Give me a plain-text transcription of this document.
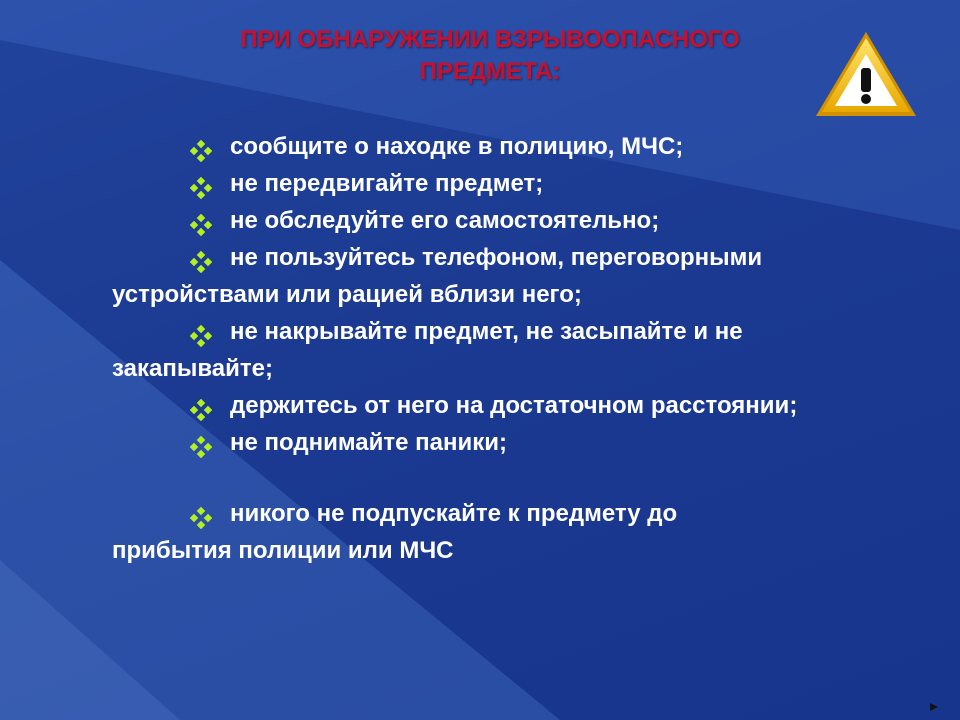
ПРИ ОБНАРУЖЕНИИ ВЗРЫВООПАСНОГО
ПРЕДМЕТА:
сообщите о находке в полицию, МЧС;
не передвигайте предмет;
не обследуйте его самостоятельно;
не пользуйтесь телефоном, переговорными
устройствами или рацией вблизи него;
не накрывайте предмет, не засыпайте и не
закапывайте;
держитесь от него на достаточном расстоянии;
не поднимайте паники;
никого не подпускайте к предмету до
прибытия полиции или МЧС
